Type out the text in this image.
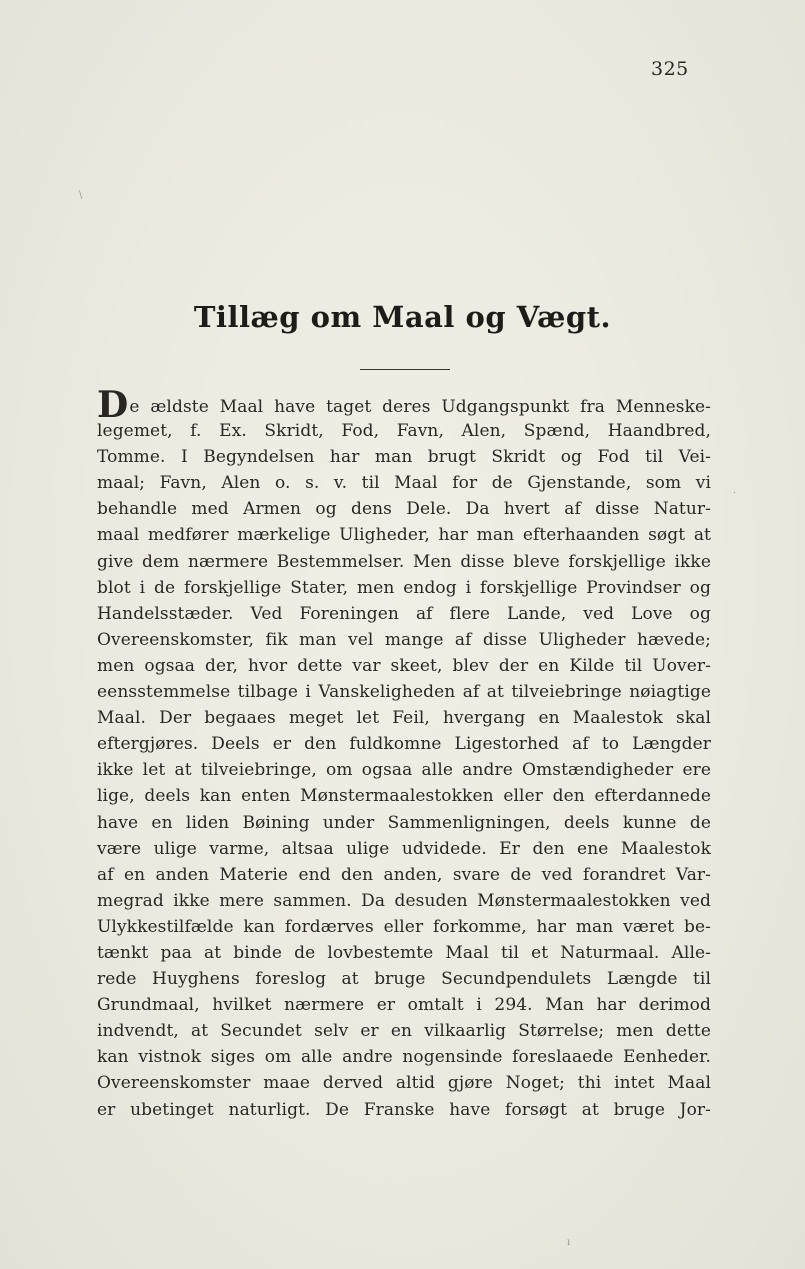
325
Tillæg om Maal og Vægt.
De ældste Maal have taget deres Udgangspunkt fra Menneske-
legemet, f. Ex. Skridt, Fod, Favn, Alen, Spænd, Haandbred,
Tomme. I Begyndelsen har man brugt Skridt og Fod til Vei-
maal; Favn, Alen o. s. v. til Maal for de Gjenstande, som vi
behandle med Armen og dens Dele. Da hvert af disse Natur-
maal medfører mærkelige Uligheder, har man efterhaanden søgt at
give dem nærmere Bestemmelser. Men disse bleve forskjellige ikke
blot i de forskjellige Stater, men endog i forskjellige Provindser og
Handelsstæder. Ved Foreningen af flere Lande, ved Love og
Overeenskomster, fik man vel mange af disse Uligheder hævede;
men ogsaa der, hvor dette var skeet, blev der en Kilde til Uover-
eensstemmelse tilbage i Vanskeligheden af at tilveiebringe nøiagtige
Maal. Der begaaes meget let Feil, hvergang en Maalestok skal
eftergjøres. Deels er den fuldkomne Ligestorhed af to Længder
ikke let at tilveiebringe, om ogsaa alle andre Omstændigheder ere
lige, deels kan enten Mønstermaalestokken eller den efterdannede
have en liden Bøining under Sammenligningen, deels kunne de
være ulige varme, altsaa ulige udvidede. Er den ene Maalestok
af en anden Materie end den anden, svare de ved forandret Var-
megrad ikke mere sammen. Da desuden Mønstermaalestokken ved
Ulykkestilfælde kan fordærves eller forkomme, har man været be-
tænkt paa at binde de lovbestemte Maal til et Naturmaal. Alle-
rede Huyghens foreslog at bruge Secundpendulets Længde til
Grundmaal, hvilket nærmere er omtalt i 294. Man har derimod
indvendt, at Secundet selv er en vilkaarlig Størrelse; men dette
kan vistnok siges om alle andre nogensinde foreslaaede Eenheder.
Overeenskomster maae derved altid gjøre Noget; thi intet Maal
er ubetinget naturligt. De Franske have forsøgt at bruge Jor-
\
·
ı
